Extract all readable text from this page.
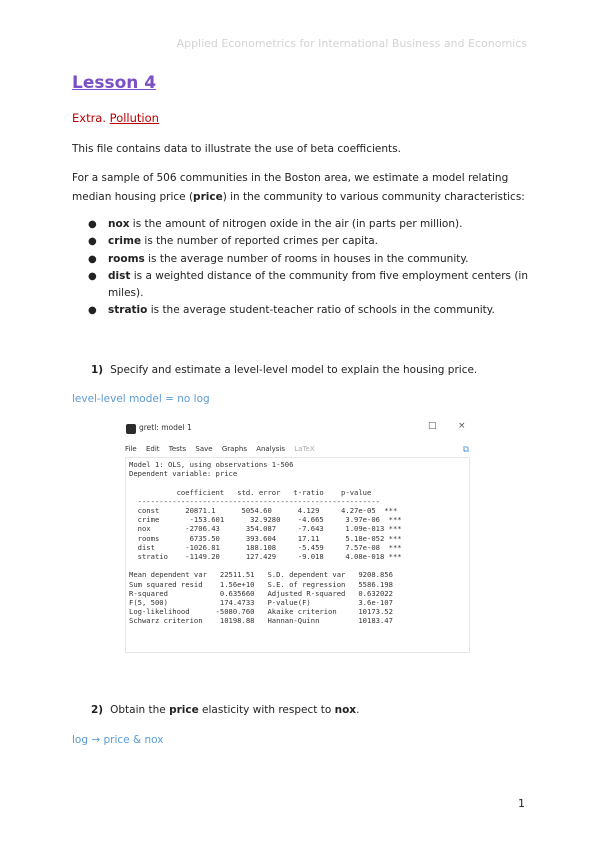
Applied Econometrics for International Business and Economics
Lesson 4
Extra. Pollution
This file contains data to illustrate the use of beta coefficients.
For a sample of 506 communities in the Boston area, we estimate a model relating median housing price (price) in the community to various community characteristics:
● nox is the amount of nitrogen oxide in the air (in parts per million).
● crime is the number of reported crimes per capita.
● rooms is the average number of rooms in houses in the community.
● dist is a weighted distance of the community from five employment centers (in miles).
● stratio is the average student-teacher ratio of schools in the community.
1) Specify and estimate a level-level model to explain the housing price.
level-level model = no log
gretl: model 1	□ ×
File Edit Tests Save Graphs Analysis LaTeX	⧉
Model 1: OLS, using observations 1-506
Dependent variable: price

coefficient   std. error   t-ratio    p-value
--------------------------------------------------------
const      20871.1      5054.60      4.129     4.27e-05  ***
crime       -153.601      32.9280    -4.665     3.97e-06  ***
nox        -2706.43      354.087     -7.643     1.09e-013 ***
rooms       6735.50      393.604     17.11      5.18e-052 ***
dist       -1026.81      188.108     -5.459     7.57e-08  ***
stratio    -1149.20      127.429     -9.018     4.08e-018 ***

Mean dependent var   22511.51   S.D. dependent var   9208.856
Sum squared resid    1.56e+10   S.E. of regression   5586.198
R-squared            0.635660   Adjusted R-squared   0.632022
F(5, 500)            174.4733   P-value(F)           3.6e-107
Log-likelihood      -5080.760   Akaike criterion     10173.52
Schwarz criterion    10198.88   Hannan-Quinn         10183.47
2) Obtain the price elasticity with respect to nox.
log → price & nox
1
